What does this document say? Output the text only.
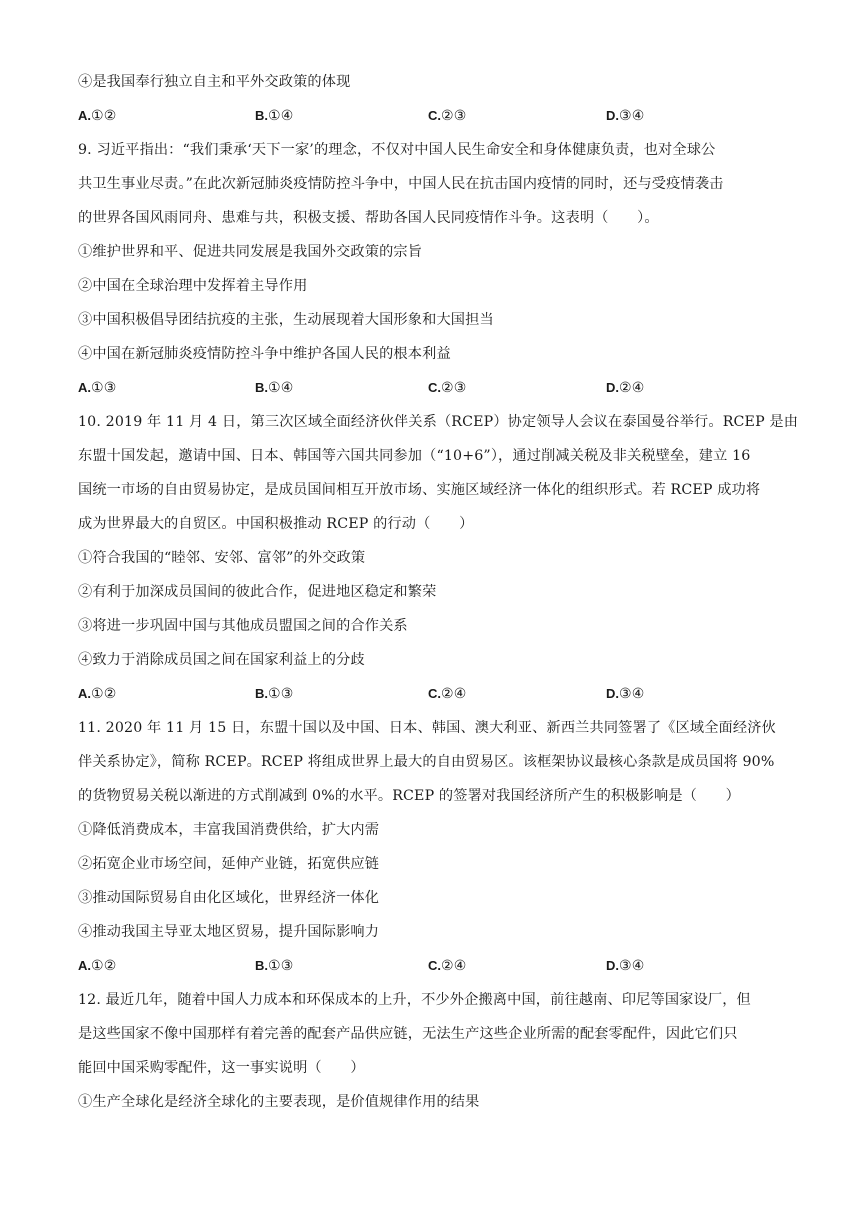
④是我国奉行独立自主和平外交政策的体现
A.①②	B.①④	C.②③	D.③④
9. 习近平指出：“我们秉承‘天下一家’的理念，不仅对中国人民生命安全和身体健康负责，也对全球公
共卫生事业尽责。”在此次新冠肺炎疫情防控斗争中，中国人民在抗击国内疫情的同时，还与受疫情袭击
的世界各国风雨同舟、患难与共，积极支援、帮助各国人民同疫情作斗争。这表明（　　）。
①维护世界和平、促进共同发展是我国外交政策的宗旨
②中国在全球治理中发挥着主导作用
③中国积极倡导团结抗疫的主张，生动展现着大国形象和大国担当
④中国在新冠肺炎疫情防控斗争中维护各国人民的根本利益
A.①③	B.①④	C.②③	D.②④
10. 2019 年 11 月 4 日，第三次区域全面经济伙伴关系（RCEP）协定领导人会议在泰国曼谷举行。RCEP 是由
东盟十国发起，邀请中国、日本、韩国等六国共同参加（“10+6”），通过削减关税及非关税壁垒，建立 16
国统一市场的自由贸易协定，是成员国间相互开放市场、实施区域经济一体化的组织形式。若 RCEP 成功将
成为世界最大的自贸区。中国积极推动 RCEP 的行动（　　）
①符合我国的“睦邻、安邻、富邻”的外交政策
②有利于加深成员国间的彼此合作，促进地区稳定和繁荣
③将进一步巩固中国与其他成员盟国之间的合作关系
④致力于消除成员国之间在国家利益上的分歧
A.①②	B.①③	C.②④	D.③④
11. 2020 年 11 月 15 日，东盟十国以及中国、日本、韩国、澳大利亚、新西兰共同签署了《区域全面经济伙
伴关系协定》，简称 RCEP。RCEP 将组成世界上最大的自由贸易区。该框架协议最核心条款是成员国将 90%
的货物贸易关税以渐进的方式削减到 0%的水平。RCEP 的签署对我国经济所产生的积极影响是（　　）
①降低消费成本，丰富我国消费供给，扩大内需
②拓宽企业市场空间，延伸产业链，拓宽供应链
③推动国际贸易自由化区域化，世界经济一体化
④推动我国主导亚太地区贸易，提升国际影响力
A.①②	B.①③	C.②④	D.③④
12. 最近几年，随着中国人力成本和环保成本的上升，不少外企搬离中国，前往越南、印尼等国家设厂，但
是这些国家不像中国那样有着完善的配套产品供应链，无法生产这些企业所需的配套零配件，因此它们只
能回中国采购零配件，这一事实说明（　　）
①生产全球化是经济全球化的主要表现，是价值规律作用的结果
